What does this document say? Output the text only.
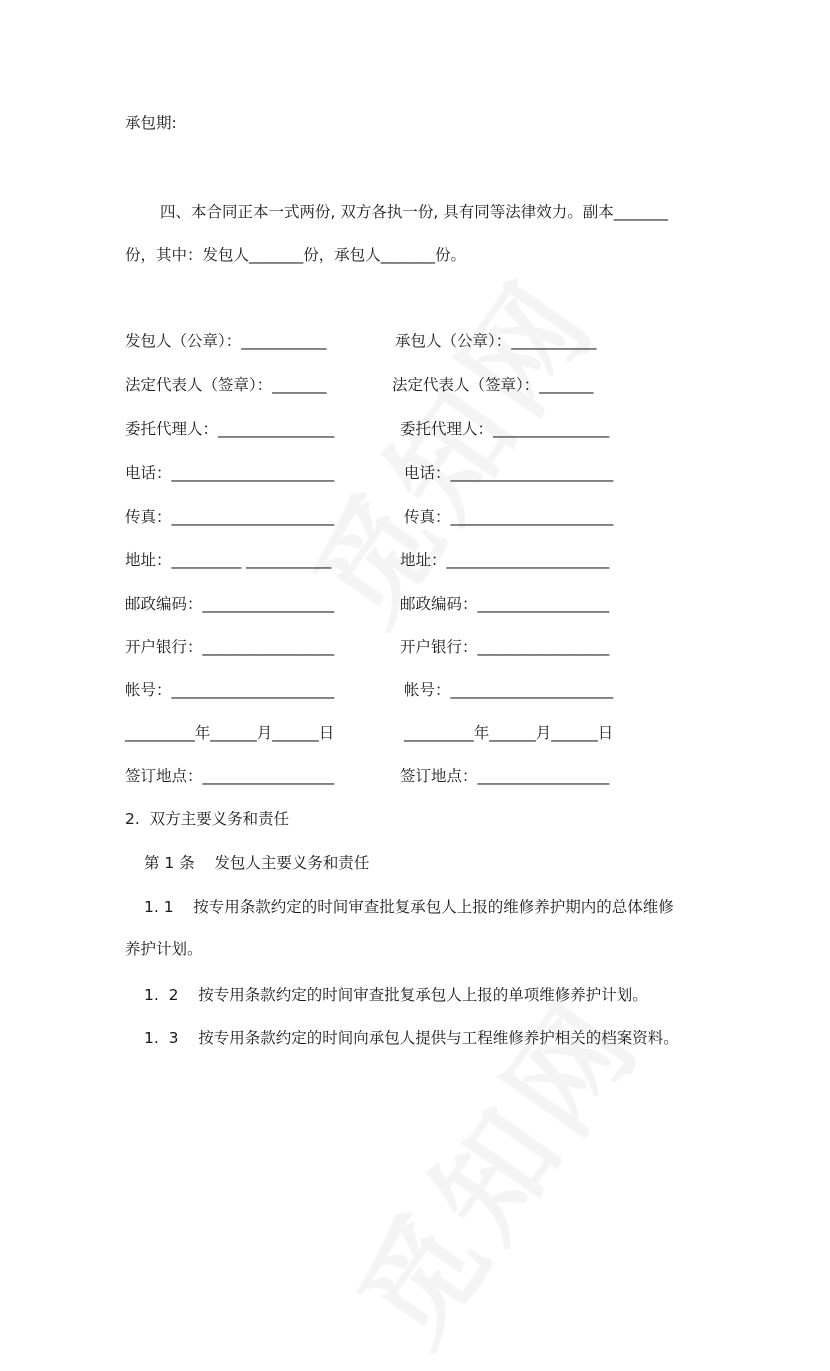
承包期:
四、本合同正本一式两份, 双方各执一份, 具有同等法律效力。副本_______
份，其中：发包人_______份，承包人_______份。
发包人（公章）：___________	承包人（公章）：___________
法定代表人（签章）：_______	法定代表人（签章）：_______
委托代理人：_______________	委托代理人：_______________
电话：_____________________	电话：_____________________
传真：_____________________	传真：_____________________
地址：_________ ___________	地址：_____________________
邮政编码：_________________	邮政编码：_________________
开户银行：_________________	开户银行：_________________
帐号：_____________________	帐号：_____________________
_________年______月______日	_________年______月______日
签订地点：_________________	签订地点：_________________
2.  双方主要义务和责任
第 1 条    发包人主要义务和责任
1. 1    按专用条款约定的时间审查批复承包人上报的维修养护期内的总体维修
养护计划。
1.  2    按专用条款约定的时间审查批复承包人上报的单项维修养护计划。
1.  3    按专用条款约定的时间向承包人提供与工程维修养护相关的档案资料。
